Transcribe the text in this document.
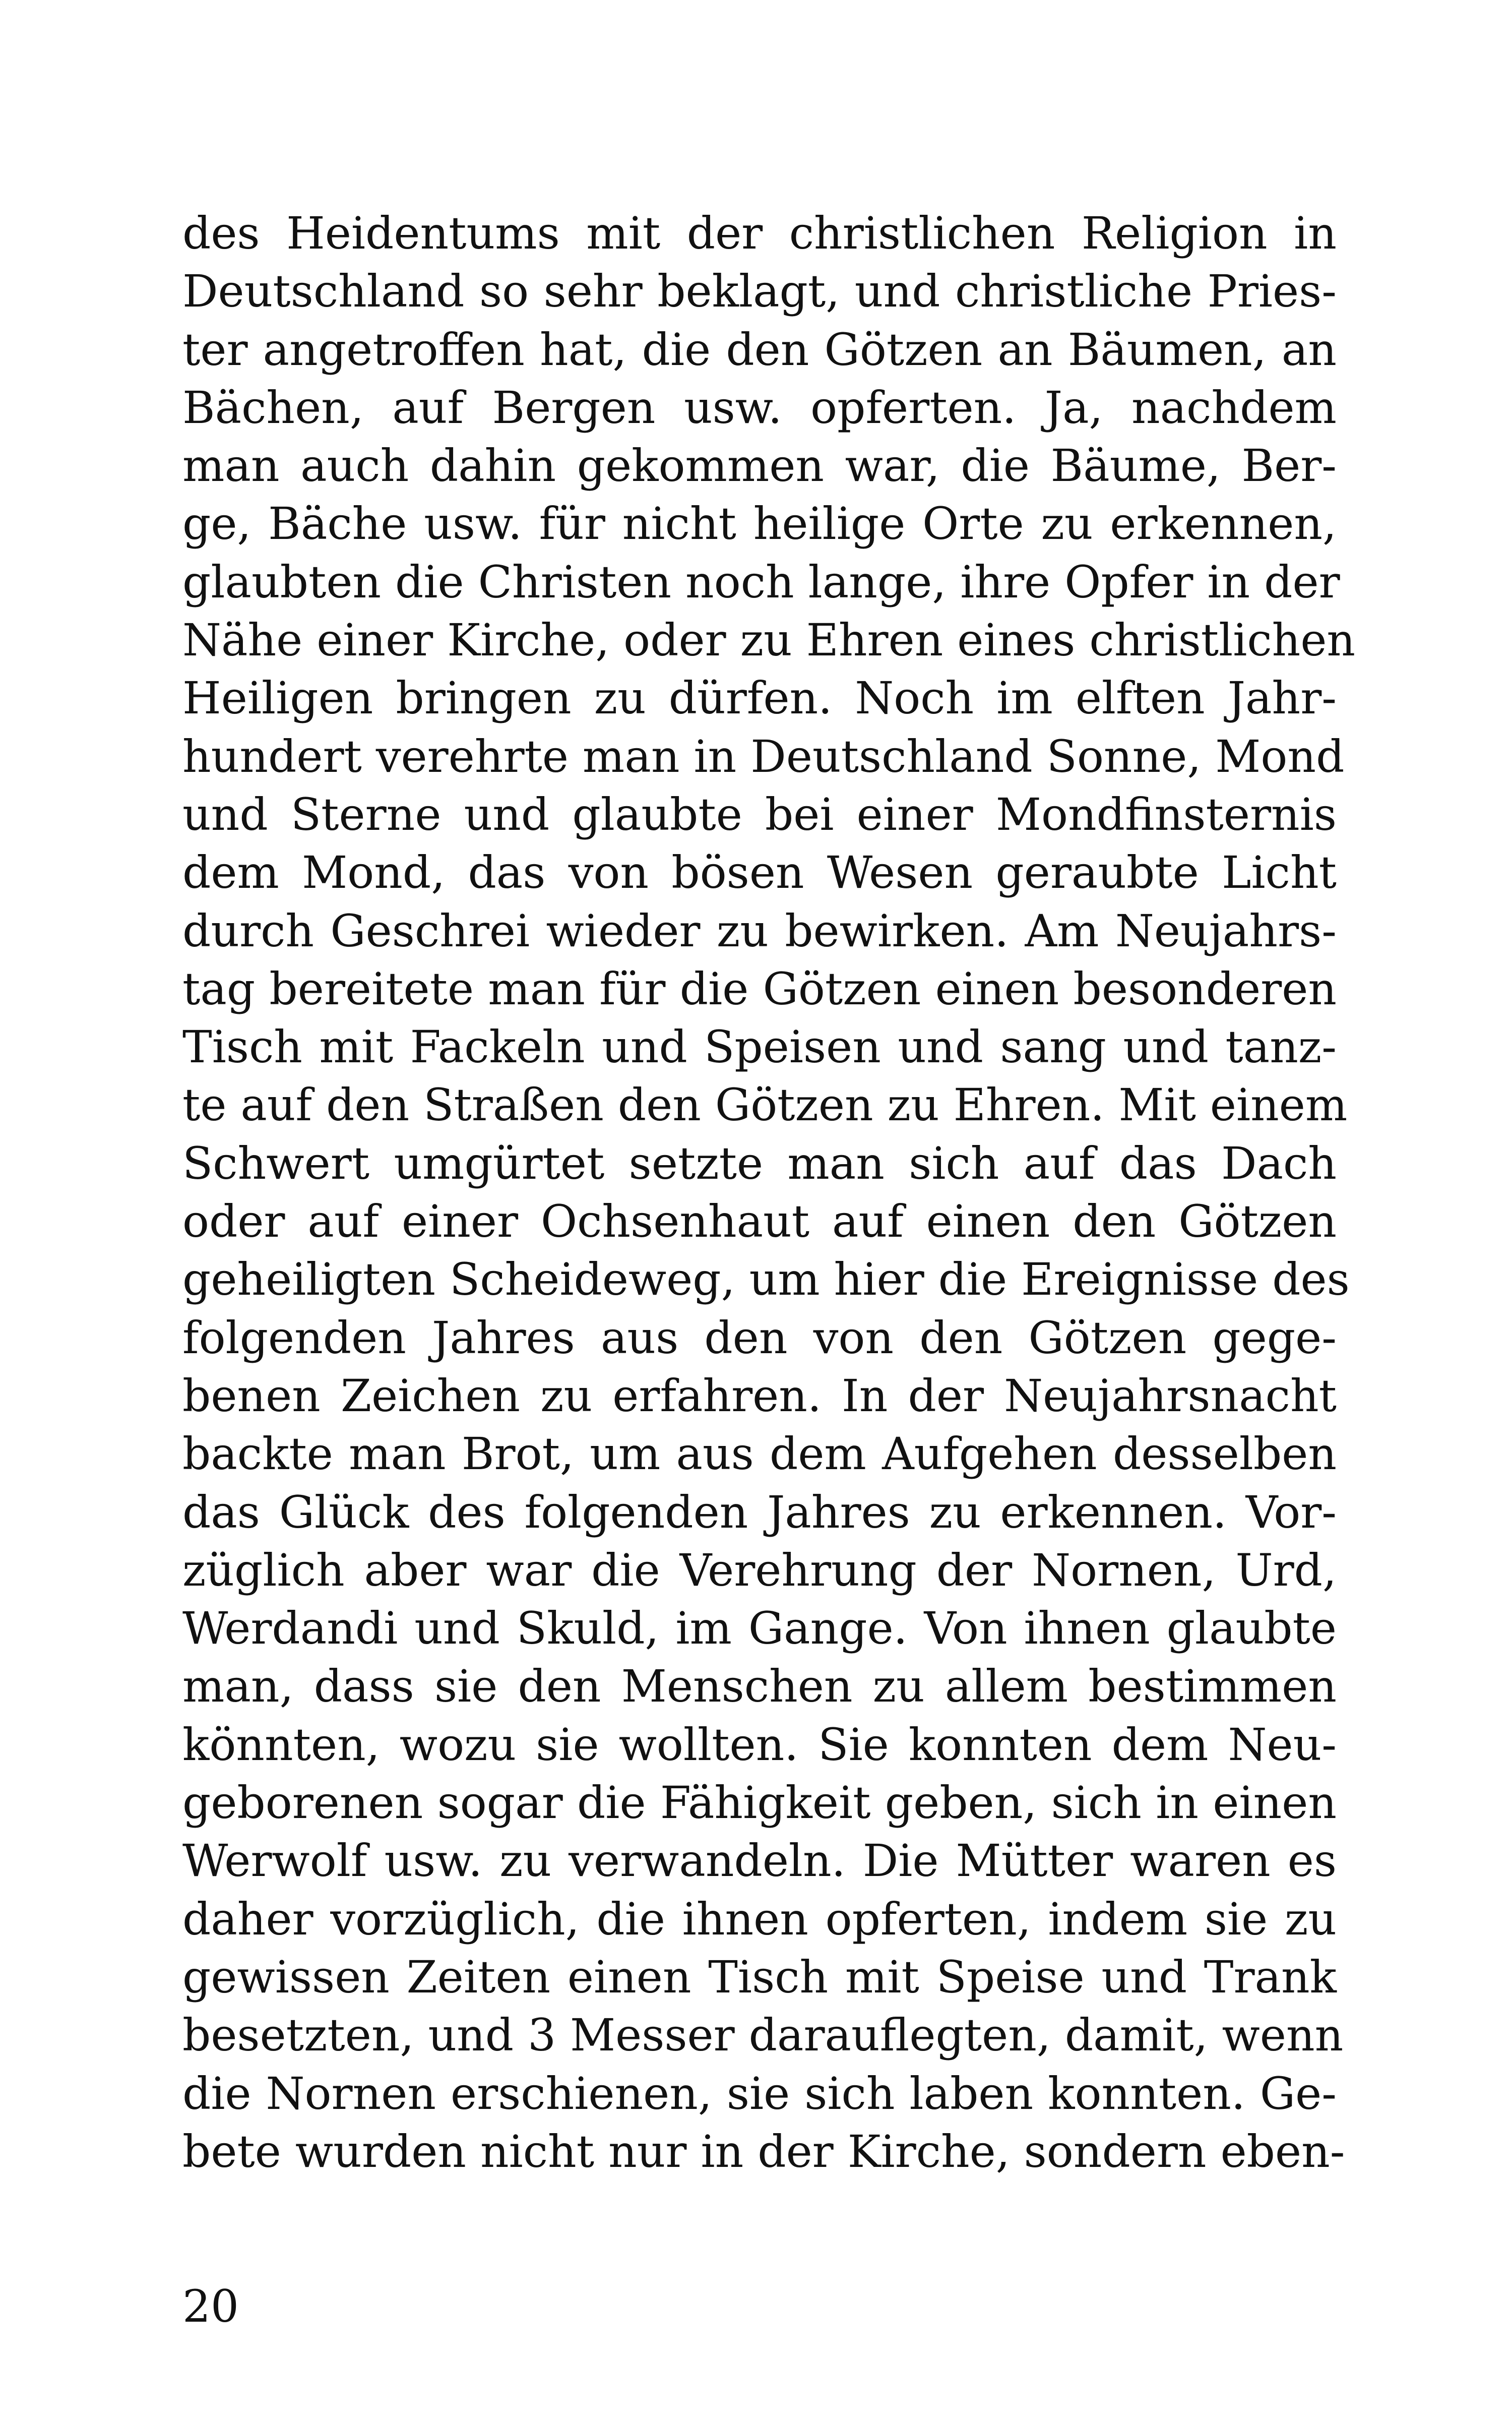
des Heidentums mit der christlichen Religion in
Deutschland so sehr beklagt, und christliche Pries-
ter angetroffen hat, die den Götzen an Bäumen, an
Bächen, auf Bergen usw. opferten. Ja, nachdem
man auch dahin gekommen war, die Bäume, Ber-
ge, Bäche usw. für nicht heilige Orte zu erkennen,
glaubten die Christen noch lange, ihre Opfer in der
Nähe einer Kirche, oder zu Ehren eines christlichen
Heiligen bringen zu dürfen. Noch im elften Jahr-
hundert verehrte man in Deutschland Sonne, Mond
und Sterne und glaubte bei einer Mondfinsternis
dem Mond, das von bösen Wesen geraubte Licht
durch Geschrei wieder zu bewirken. Am Neujahrs-
tag bereitete man für die Götzen einen besonderen
Tisch mit Fackeln und Speisen und sang und tanz-
te auf den Straßen den Götzen zu Ehren. Mit einem
Schwert umgürtet setzte man sich auf das Dach
oder auf einer Ochsenhaut auf einen den Götzen
geheiligten Scheideweg, um hier die Ereignisse des
folgenden Jahres aus den von den Götzen gege-
benen Zeichen zu erfahren. In der Neujahrsnacht
backte man Brot, um aus dem Aufgehen desselben
das Glück des folgenden Jahres zu erkennen. Vor-
züglich aber war die Verehrung der Nornen, Urd,
Werdandi und Skuld, im Gange. Von ihnen glaubte
man, dass sie den Menschen zu allem bestimmen
könnten, wozu sie wollten. Sie konnten dem Neu-
geborenen sogar die Fähigkeit geben, sich in einen
Werwolf usw. zu verwandeln. Die Mütter waren es
daher vorzüglich, die ihnen opferten, indem sie zu
gewissen Zeiten einen Tisch mit Speise und Trank
besetzten, und 3 Messer darauflegten, damit, wenn
die Nornen erschienen, sie sich laben konnten. Ge-
bete wurden nicht nur in der Kirche, sondern eben-
20
